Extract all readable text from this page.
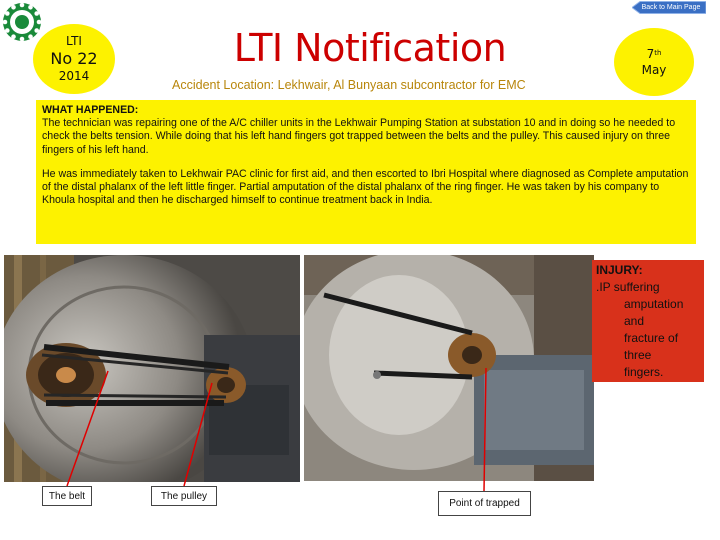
Back to Main Page
LTI
No 22
2014
LTI Notification
Accident Location: Lekhwair, Al Bunyaan subcontractor for EMC
7th
May
WHAT HAPPENED:

The technician was repairing one of the A/C chiller units in the Lekhwair Pumping Station at substation 10 and in doing so he needed to check the belts tension. While doing that his left hand fingers got trapped between the belts and the pulley. This caused injury on three fingers of his left hand.

He was immediately taken to Lekhwair PAC clinic for first aid, and then escorted to Ibri Hospital where diagnosed as Complete amputation of the distal phalanx of the left little finger. Partial amputation of the distal phalanx of the ring finger. He was taken by his company to Khoula hospital and then he discharged himself to continue treatment back in India.

INJURY:
.IP suffering
amputation
and
fracture of
three
fingers.
The belt	The pulley
Point of trapped
